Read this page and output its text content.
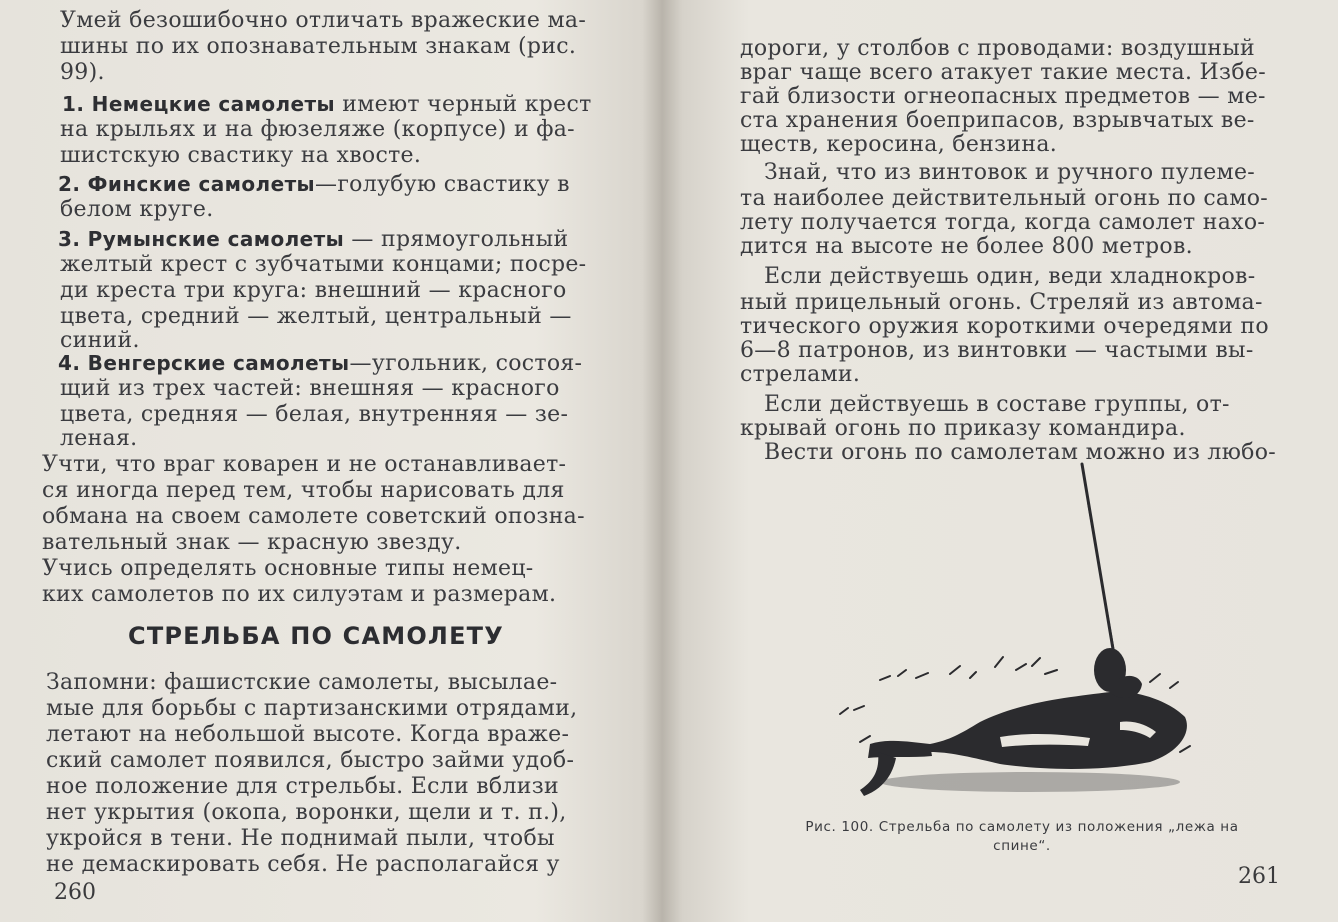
Умей безошибочно отличать вражеские ма-
шины по их опознавательным знакам (рис.
99).
1. Немецкие самолеты имеют черный крест
на крыльях и на фюзеляже (корпусе) и фа-
шистскую свастику на хвосте.
2. Финские самолеты—голубую свастику в
белом круге.
3. Румынские самолеты — прямоугольный
желтый крест с зубчатыми концами; посре-
ди креста три круга: внешний — красного
цвета, средний — желтый, центральный —
синий.
4. Венгерские самолеты—угольник, состоя-
щий из трех частей: внешняя — красного
цвета, средняя — белая, внутренняя — зе-
леная.
Учти, что враг коварен и не останавливает-
ся иногда перед тем, чтобы нарисовать для
обмана на своем самолете советский опозна-
вательный знак — красную звезду.
Учись определять основные типы немец-
ких самолетов по их силуэтам и размерам.
СТРЕЛЬБА ПО САМОЛЕТУ
Запомни: фашистские самолеты, высылае-
мые для борьбы с партизанскими отрядами,
летают на небольшой высоте. Когда враже-
ский самолет появился, быстро займи удоб-
ное положение для стрельбы. Если вблизи
нет укрытия (окопа, воронки, щели и т. п.),
укройся в тени. Не поднимай пыли, чтобы
не демаскировать себя. Не располагайся у
260
дороги, у столбов с проводами: воздушный
враг чаще всего атакует такие места. Избе-
гай близости огнеопасных предметов — ме-
ста хранения боеприпасов, взрывчатых ве-
ществ, керосина, бензина.
Знай, что из винтовок и ручного пулеме-
та наиболее действительный огонь по само-
лету получается тогда, когда самолет нахо-
дится на высоте не более 800 метров.
Если действуешь один, веди хладнокров-
ный прицельный огонь. Стреляй из автома-
тического оружия короткими очередями по
6—8 патронов, из винтовки — частыми вы-
стрелами.
Если действуешь в составе группы, от-
крывай огонь по приказу командира.
Вести огонь по самолетам можно из любо-
261
Рис. 100. Стрельба по самолету из положения „лежа на
спине“.
